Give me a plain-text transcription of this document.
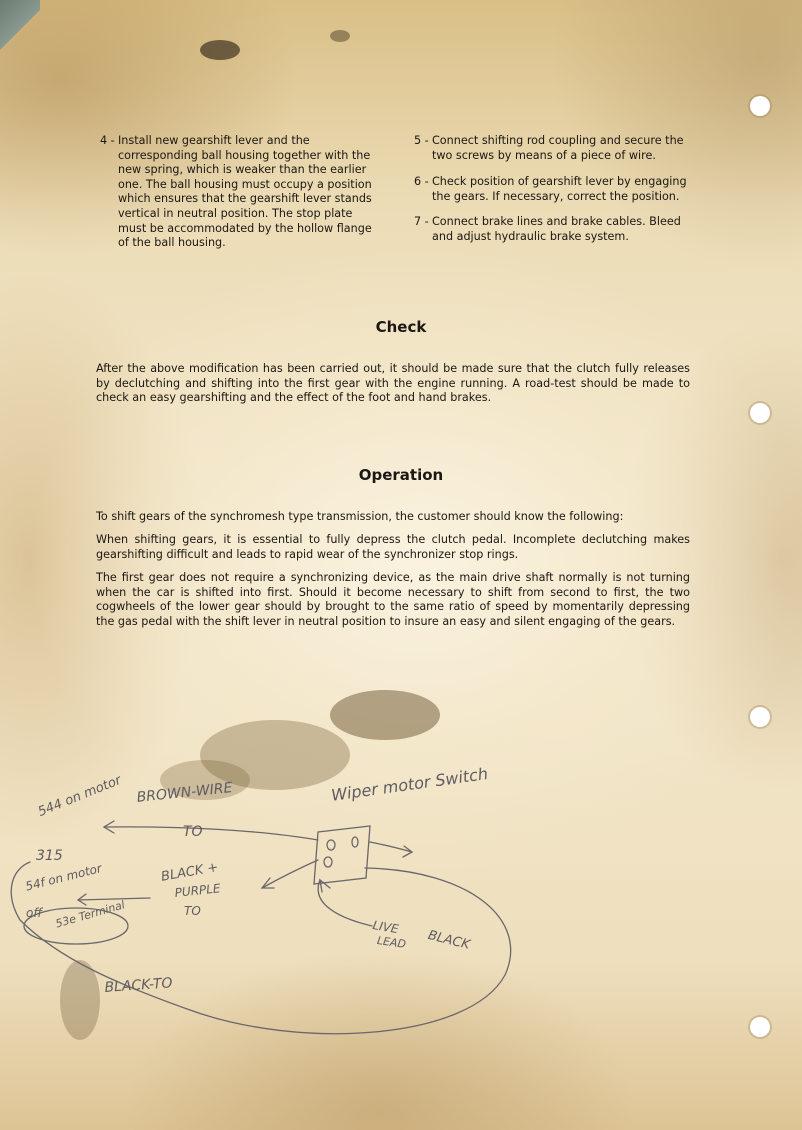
4 - Install new gearshift lever and the corresponding ball housing together with the new spring, which is weaker than the earlier one. The ball housing must occupy a position which ensures that the gearshift lever stands vertical in neutral position. The stop plate must be accommodated by the hollow flange of the ball housing.
5 - Connect shifting rod coupling and secure the two screws by means of a piece of wire.
6 - Check position of gearshift lever by engaging the gears. If necessary, correct the position.
7 - Connect brake lines and brake cables. Bleed and adjust hydraulic brake system.
Check
After the above modification has been carried out, it should be made sure that the clutch fully releases by declutching and shifting into the first gear with the engine running. A road-test should be made to check an easy gearshifting and the effect of the foot and hand brakes.
Operation
To shift gears of the synchromesh type transmission, the customer should know the following:
When shifting gears, it is essential to fully depress the clutch pedal. Incomplete declutching makes gearshifting difficult and leads to rapid wear of the synchronizer stop rings.
The first gear does not require a synchronizing device, as the main drive shaft normally is not turning when the car is shifted into first. Should it become necessary to shift from second to first, the two cogwheels of the lower gear should by brought to the same ratio of speed by momentarily depressing the gas pedal with the shift lever in neutral position to insure an easy and silent engaging of the gears.
Wiper motor Switch
BROWN-WIRE
TO
544 on motor
315
54f on motor
off 53e Terminal
BLACK +
PURPLE
TO
LIVE
LEAD BLACK
BLACK-TO
